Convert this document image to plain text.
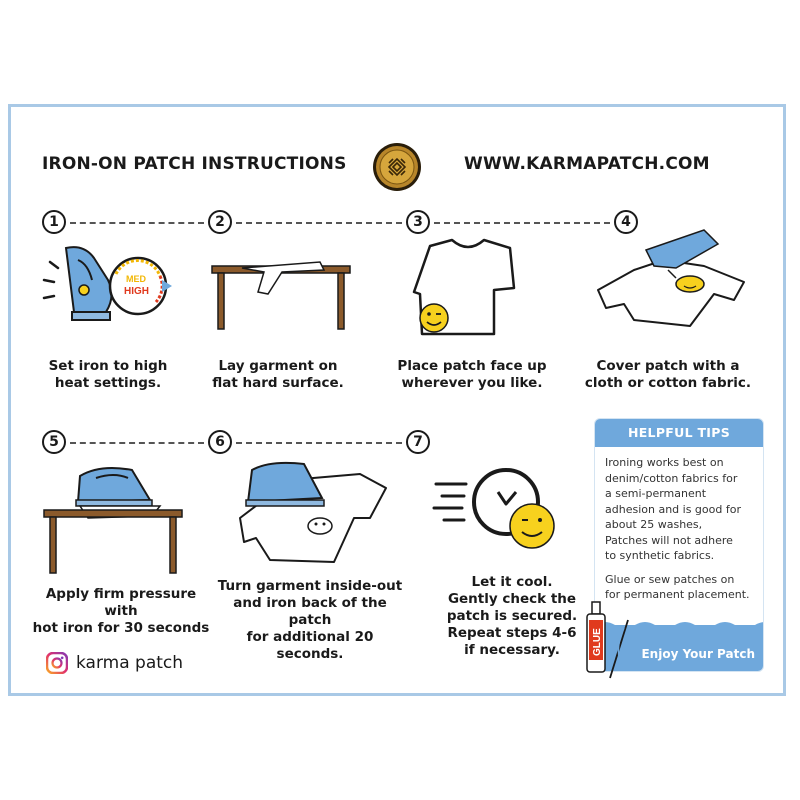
IRON-ON PATCH INSTRUCTIONS	WWW.KARMAPATCH.COM
1	2	3	4
MED
HIGH
Set iron to high
heat settings.
Lay garment on
flat hard surface.
Place patch face up
wherever you like.
Cover patch with a
cloth or cotton fabric.
5	6	7
Apply firm pressure with
hot iron for 30 seconds
Turn garment inside-out
and iron back of the patch
for additional 20 seconds.
Let it cool.
Gently check the
patch is secured.
Repeat steps 4-6
if necessary.
HELPFUL TIPS
Ironing works best on
denim/cotton fabrics for
a semi-permanent
adhesion and is good for
about 25 washes,
Patches will not adhere
to synthetic fabrics.
Glue or sew patches on
for permanent placement.
Enjoy Your Patch
GLUE
karma patch
